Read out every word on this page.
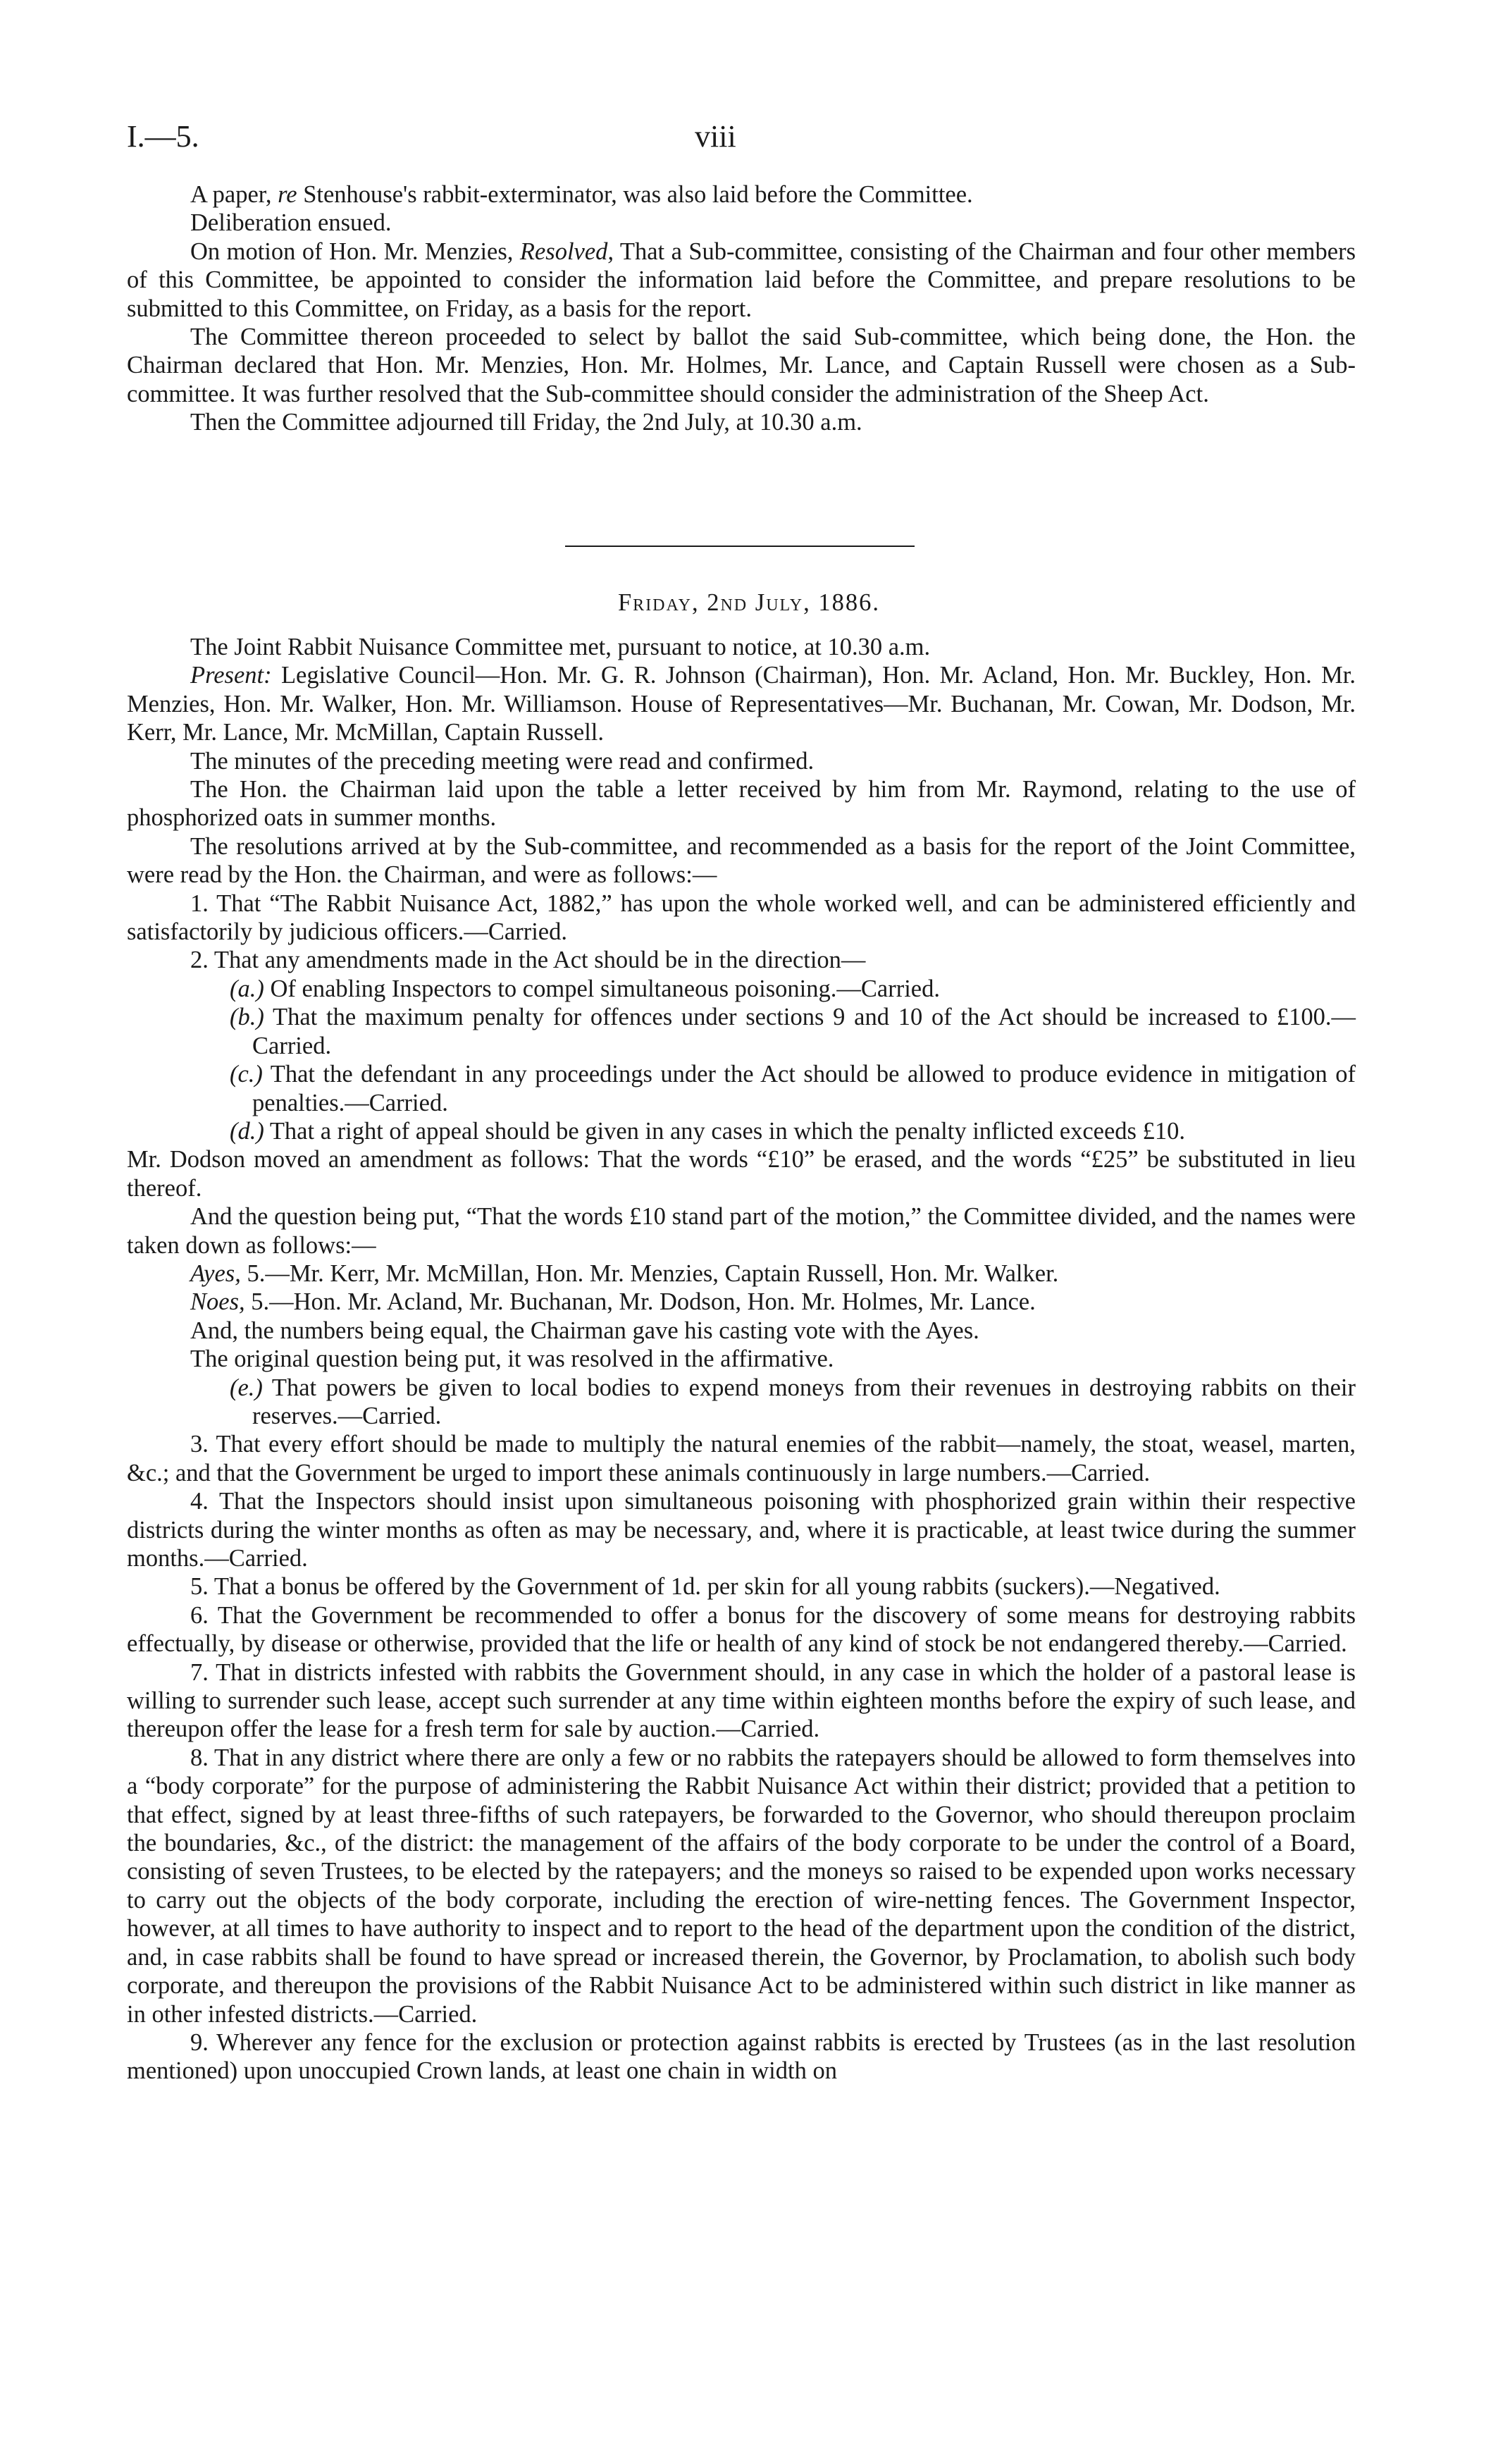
I.—5.	viii

A paper, re Stenhouse's rabbit-exterminator, was also laid before the Committee.

Deliberation ensued.

On motion of Hon. Mr. Menzies, Resolved, That a Sub-committee, consisting of the Chairman and four other members of this Committee, be appointed to consider the information laid before the Committee, and prepare resolutions to be submitted to this Committee, on Friday, as a basis for the report.

The Committee thereon proceeded to select by ballot the said Sub-committee, which being done, the Hon. the Chairman declared that Hon. Mr. Menzies, Hon. Mr. Holmes, Mr. Lance, and Captain Russell were chosen as a Sub-committee. It was further resolved that the Sub-committee should consider the administration of the Sheep Act.

Then the Committee adjourned till Friday, the 2nd July, at 10.30 a.m.

Friday, 2nd July, 1886.

The Joint Rabbit Nuisance Committee met, pursuant to notice, at 10.30 a.m.

Present: Legislative Council—Hon. Mr. G. R. Johnson (Chairman), Hon. Mr. Acland, Hon. Mr. Buckley, Hon. Mr. Menzies, Hon. Mr. Walker, Hon. Mr. Williamson. House of Representatives—Mr. Buchanan, Mr. Cowan, Mr. Dodson, Mr. Kerr, Mr. Lance, Mr. McMillan, Captain Russell.

The minutes of the preceding meeting were read and confirmed.

The Hon. the Chairman laid upon the table a letter received by him from Mr. Raymond, relating to the use of phosphorized oats in summer months.

The resolutions arrived at by the Sub-committee, and recommended as a basis for the report of the Joint Committee, were read by the Hon. the Chairman, and were as follows:—

1. That “The Rabbit Nuisance Act, 1882,” has upon the whole worked well, and can be administered efficiently and satisfactorily by judicious officers.—Carried.

2. That any amendments made in the Act should be in the direction—

(a.) Of enabling Inspectors to compel simultaneous poisoning.—Carried.

(b.) That the maximum penalty for offences under sections 9 and 10 of the Act should be increased to £100.—Carried.

(c.) That the defendant in any proceedings under the Act should be allowed to produce evidence in mitigation of penalties.—Carried.

(d.) That a right of appeal should be given in any cases in which the penalty inflicted exceeds £10.

Mr. Dodson moved an amendment as follows: That the words “£10” be erased, and the words “£25” be substituted in lieu thereof.

And the question being put, “That the words £10 stand part of the motion,” the Committee divided, and the names were taken down as follows:—

Ayes, 5.—Mr. Kerr, Mr. McMillan, Hon. Mr. Menzies, Captain Russell, Hon. Mr. Walker.

Noes, 5.—Hon. Mr. Acland, Mr. Buchanan, Mr. Dodson, Hon. Mr. Holmes, Mr. Lance.

And, the numbers being equal, the Chairman gave his casting vote with the Ayes.

The original question being put, it was resolved in the affirmative.

(e.) That powers be given to local bodies to expend moneys from their revenues in destroying rabbits on their reserves.—Carried.

3. That every effort should be made to multiply the natural enemies of the rabbit—namely, the stoat, weasel, marten, &c.; and that the Government be urged to import these animals continuously in large numbers.—Carried.

4. That the Inspectors should insist upon simultaneous poisoning with phosphorized grain within their respective districts during the winter months as often as may be necessary, and, where it is practicable, at least twice during the summer months.—Carried.

5. That a bonus be offered by the Government of 1d. per skin for all young rabbits (suckers).—Negatived.

6. That the Government be recommended to offer a bonus for the discovery of some means for destroying rabbits effectually, by disease or otherwise, provided that the life or health of any kind of stock be not endangered thereby.—Carried.

7. That in districts infested with rabbits the Government should, in any case in which the holder of a pastoral lease is willing to surrender such lease, accept such surrender at any time within eighteen months before the expiry of such lease, and thereupon offer the lease for a fresh term for sale by auction.—Carried.

8. That in any district where there are only a few or no rabbits the ratepayers should be allowed to form themselves into a “body corporate” for the purpose of administering the Rabbit Nuisance Act within their district; provided that a petition to that effect, signed by at least three-fifths of such ratepayers, be forwarded to the Governor, who should thereupon proclaim the boundaries, &c., of the district: the management of the affairs of the body corporate to be under the control of a Board, consisting of seven Trustees, to be elected by the ratepayers; and the moneys so raised to be expended upon works necessary to carry out the objects of the body corporate, including the erection of wire-netting fences. The Government Inspector, however, at all times to have authority to inspect and to report to the head of the department upon the condition of the district, and, in case rabbits shall be found to have spread or increased therein, the Governor, by Proclamation, to abolish such body corporate, and thereupon the provisions of the Rabbit Nuisance Act to be administered within such district in like manner as in other infested districts.—Carried.

9. Wherever any fence for the exclusion or protection against rabbits is erected by Trustees (as in the last resolution mentioned) upon unoccupied Crown lands, at least one chain in width on
